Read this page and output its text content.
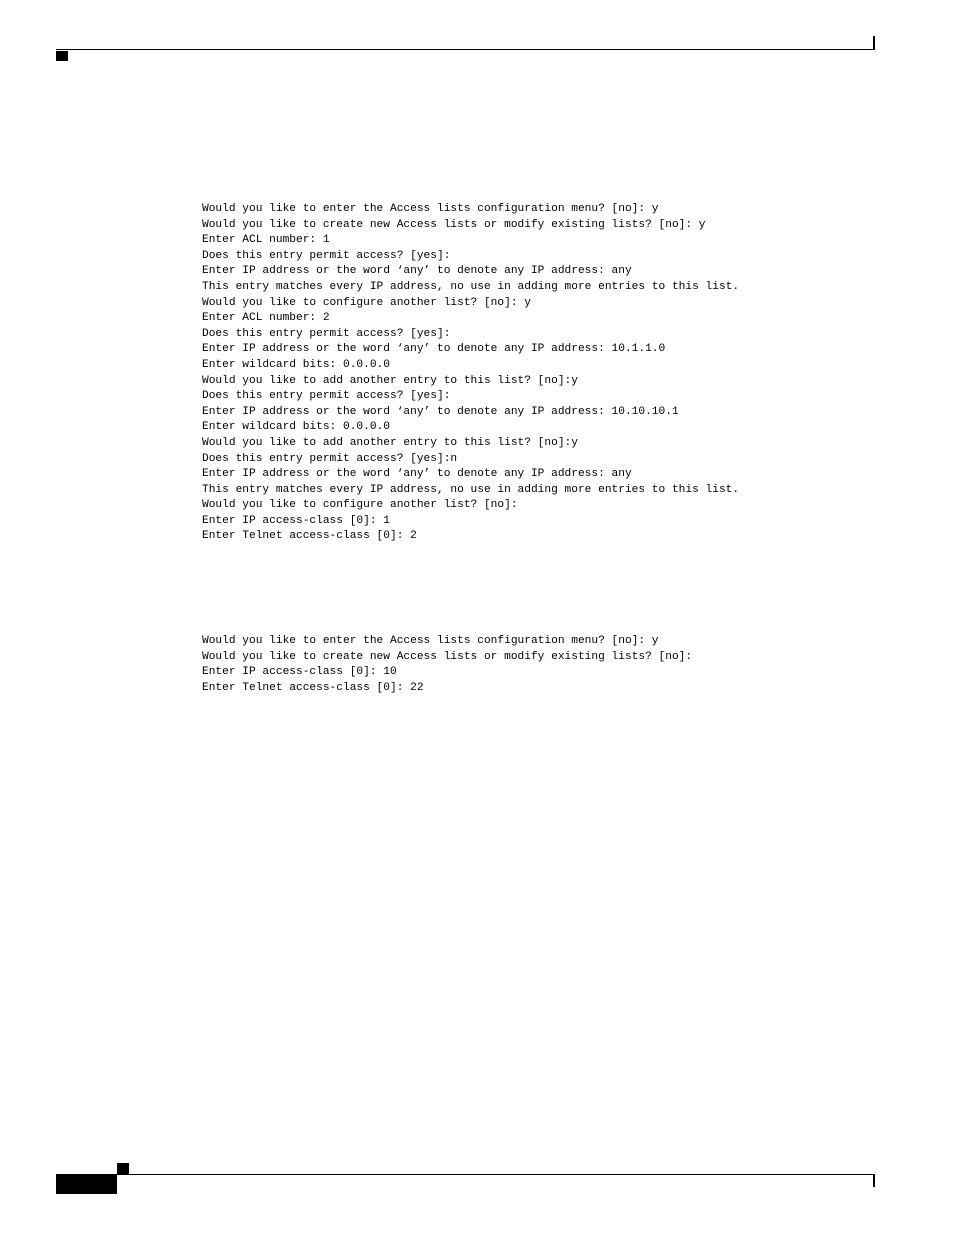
Would you like to enter the Access lists configuration menu? [no]: y
Would you like to create new Access lists or modify existing lists? [no]: y
Enter ACL number: 1
Does this entry permit access? [yes]:
Enter IP address or the word ‘any’ to denote any IP address: any
This entry matches every IP address, no use in adding more entries to this list.
Would you like to configure another list? [no]: y
Enter ACL number: 2
Does this entry permit access? [yes]:
Enter IP address or the word ‘any’ to denote any IP address: 10.1.1.0
Enter wildcard bits: 0.0.0.0
Would you like to add another entry to this list? [no]:y
Does this entry permit access? [yes]:
Enter IP address or the word ‘any’ to denote any IP address: 10.10.10.1
Enter wildcard bits: 0.0.0.0
Would you like to add another entry to this list? [no]:y
Does this entry permit access? [yes]:n
Enter IP address or the word ‘any’ to denote any IP address: any
This entry matches every IP address, no use in adding more entries to this list.
Would you like to configure another list? [no]:
Enter IP access-class [0]: 1
Enter Telnet access-class [0]: 2
Would you like to enter the Access lists configuration menu? [no]: y
Would you like to create new Access lists or modify existing lists? [no]:
Enter IP access-class [0]: 10
Enter Telnet access-class [0]: 22
